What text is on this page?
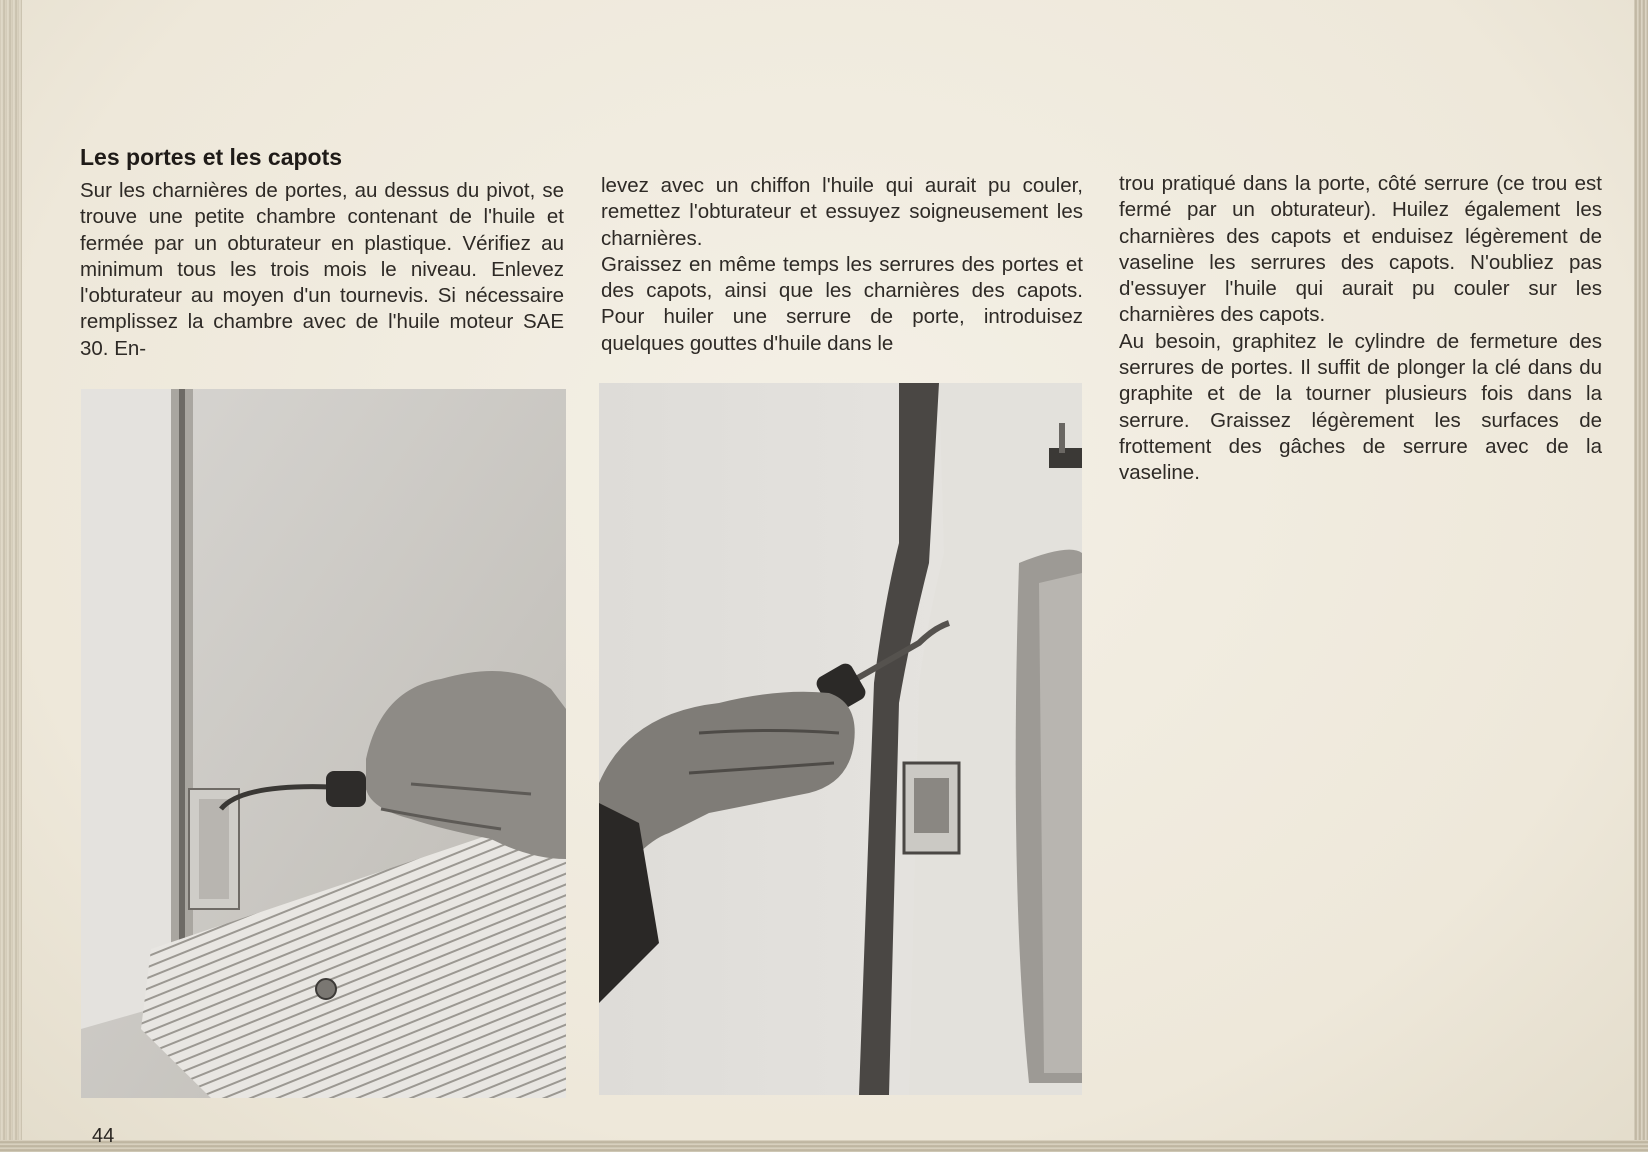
Les portes et les capots

Sur les charnières de portes, au dessus du pivot, se trouve une petite chambre contenant de l'huile et fermée par un obturateur en plastique. Vérifiez au minimum tous les trois mois le niveau. Enlevez l'obturateur au moyen d'un tournevis. Si nécessaire remplissez la chambre avec de l'huile moteur SAE 30. En-

levez avec un chiffon l'huile qui aurait pu couler, remettez l'obturateur et essuyez soigneusement les charnières.

Graissez en même temps les serrures des portes et des capots, ainsi que les charnières des capots. Pour huiler une serrure de porte, introduisez quelques gouttes d'huile dans le

trou pratiqué dans la porte, côté serrure (ce trou est fermé par un obturateur). Huilez également les charnières des capots et enduisez légèrement de vaseline les serrures des capots. N'oubliez pas d'essuyer l'huile qui aurait pu couler sur les charnières des capots.

Au besoin, graphitez le cylindre de fermeture des serrures de portes. Il suffit de plonger la clé dans du graphite et de la tourner plusieurs fois dans la serrure. Graissez légèrement les surfaces de frottement des gâches de serrure avec de la vaseline.

44
